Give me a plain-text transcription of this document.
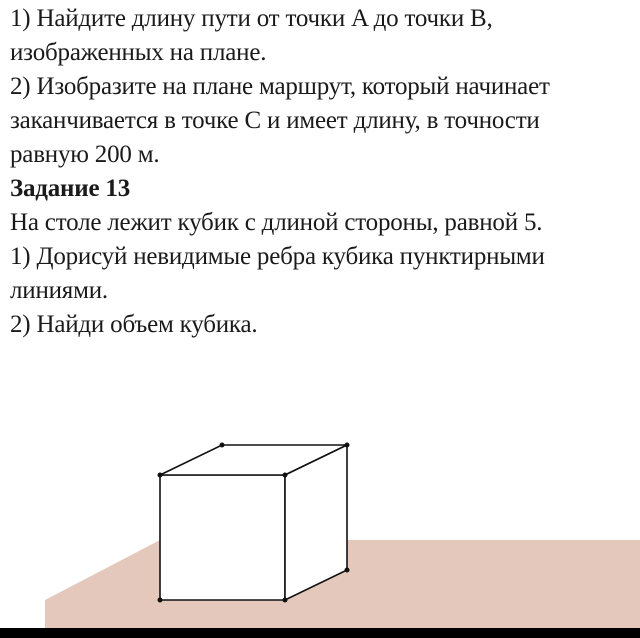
1) Найдите длину пути от точки A до точки B,
изображенных на плане.
2) Изобразите на плане маршрут, который начинает
заканчивается в точке C и имеет длину, в точности
равную 200 м.
Задание 13
На столе лежит кубик с длиной стороны, равной 5.
1) Дорисуй невидимые ребра кубика пунктирными
линиями.
2) Найди объем кубика.
